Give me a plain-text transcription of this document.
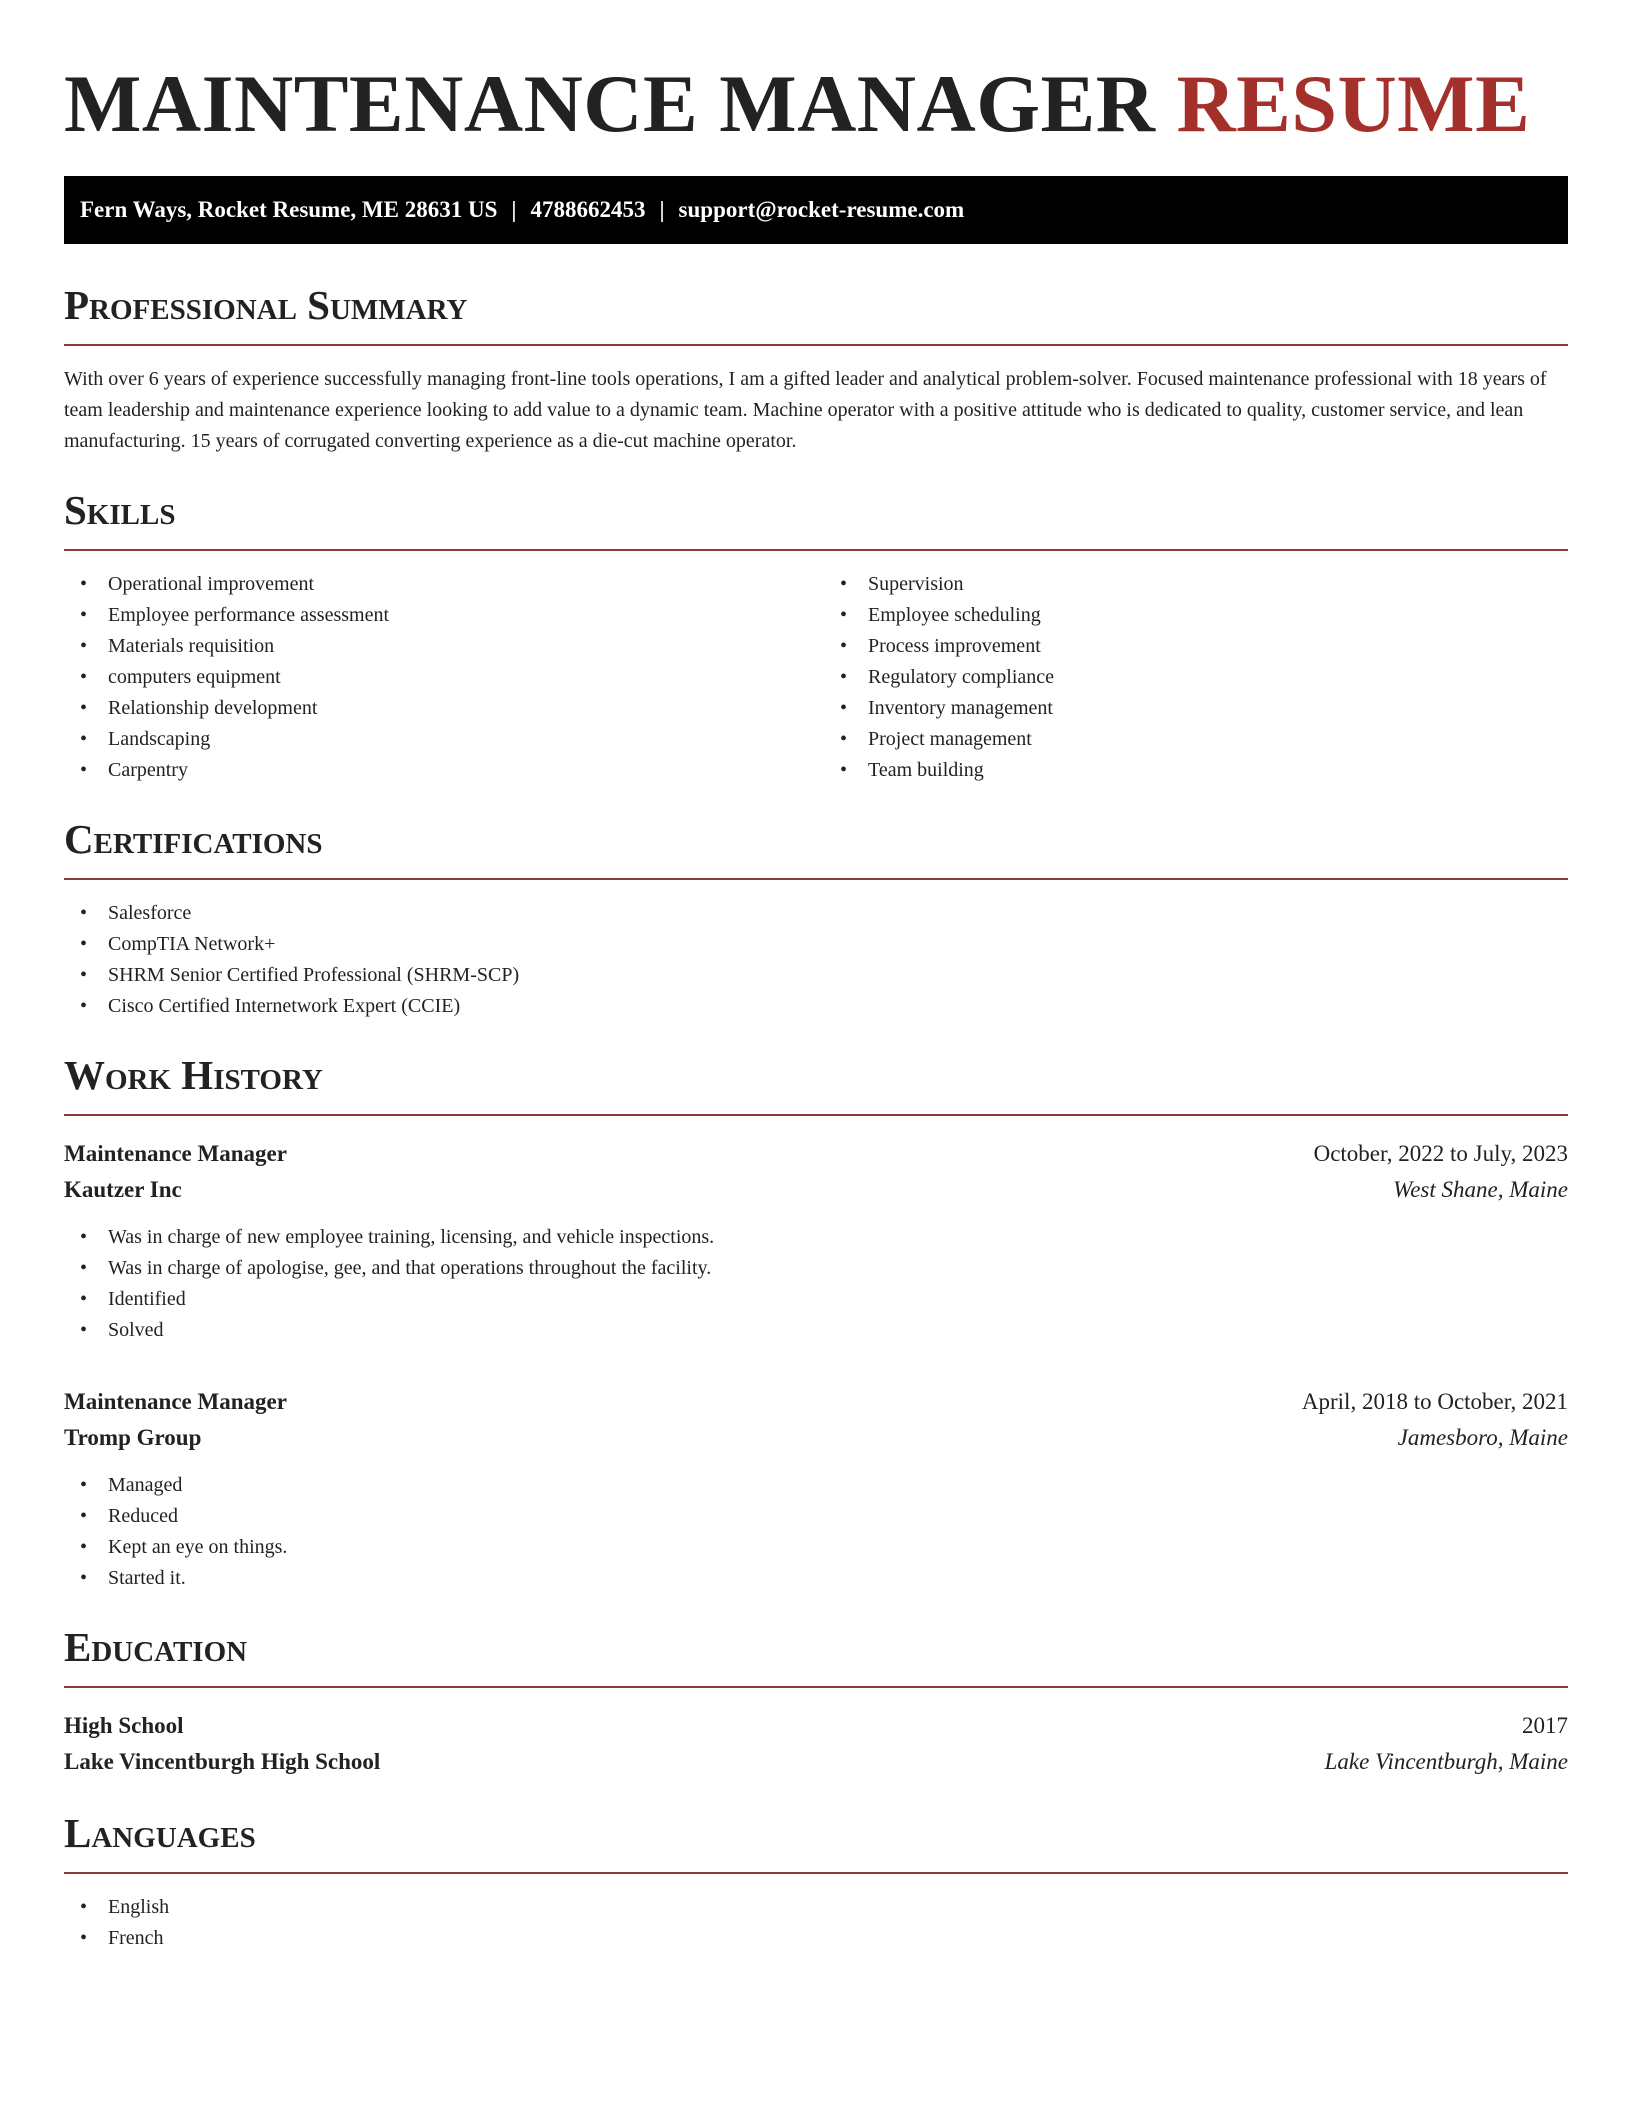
MAINTENANCE MANAGER RESUME
Fern Ways, Rocket Resume, ME 28631 US | 4788662453 | support@rocket-resume.com
Professional Summary

With over 6 years of experience successfully managing front-line tools operations, I am a gifted leader and analytical problem-solver. Focused maintenance professional with 18 years of team leadership and maintenance experience looking to add value to a dynamic team. Machine operator with a positive attitude who is dedicated to quality, customer service, and lean manufacturing. 15 years of corrugated converting experience as a die-cut machine operator.

Skills
• Operational improvement
• Employee performance assessment
• Materials requisition
• computers equipment
• Relationship development
• Landscaping
• Carpentry
• Supervision
• Employee scheduling
• Process improvement
• Regulatory compliance
• Inventory management
• Project management
• Team building
Certifications
• Salesforce
• CompTIA Network+
• SHRM Senior Certified Professional (SHRM-SCP)
• Cisco Certified Internetwork Expert (CCIE)
Work History
Maintenance Manager	October, 2022 to July, 2023
Kautzer Inc	West Shane, Maine
• Was in charge of new employee training, licensing, and vehicle inspections.
• Was in charge of apologise, gee, and that operations throughout the facility.
• Identified
• Solved
Maintenance Manager	April, 2018 to October, 2021
Tromp Group	Jamesboro, Maine
• Managed
• Reduced
• Kept an eye on things.
• Started it.
Education
High School	2017
Lake Vincentburgh High School	Lake Vincentburgh, Maine
Languages
• English
• French
